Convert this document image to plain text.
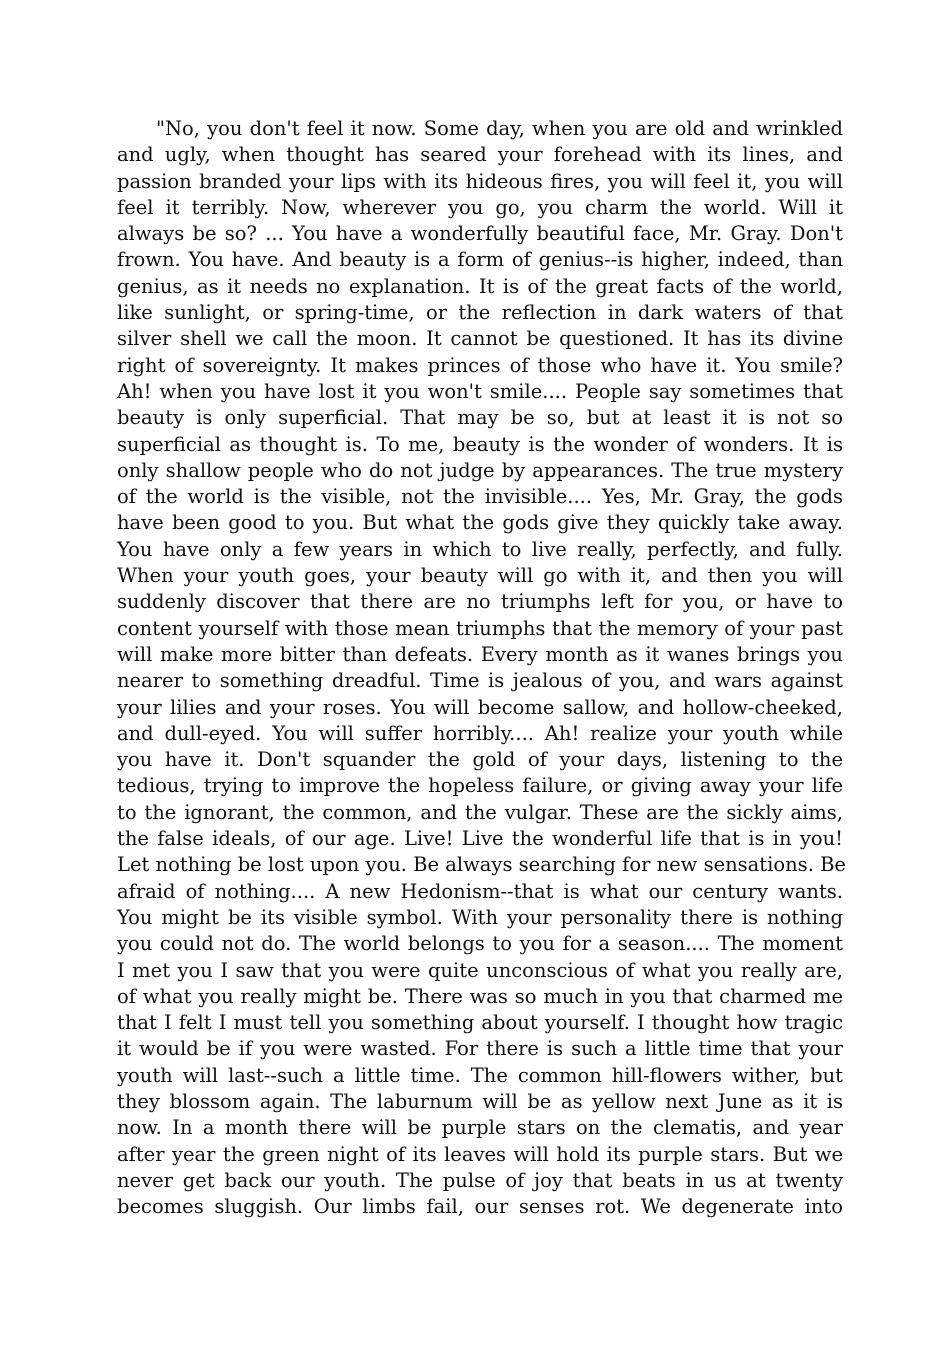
"No, you don't feel it now. Some day, when you are old and wrinkled
and ugly, when thought has seared your forehead with its lines, and
passion branded your lips with its hideous fires, you will feel it, you will
feel it terribly. Now, wherever you go, you charm the world. Will it
always be so? ... You have a wonderfully beautiful face, Mr. Gray. Don't
frown. You have. And beauty is a form of genius--is higher, indeed, than
genius, as it needs no explanation. It is of the great facts of the world,
like sunlight, or spring-time, or the reflection in dark waters of that
silver shell we call the moon. It cannot be questioned. It has its divine
right of sovereignty. It makes princes of those who have it. You smile?
Ah! when you have lost it you won't smile.... People say sometimes that
beauty is only superficial. That may be so, but at least it is not so
superficial as thought is. To me, beauty is the wonder of wonders. It is
only shallow people who do not judge by appearances. The true mystery
of the world is the visible, not the invisible.... Yes, Mr. Gray, the gods
have been good to you. But what the gods give they quickly take away.
You have only a few years in which to live really, perfectly, and fully.
When your youth goes, your beauty will go with it, and then you will
suddenly discover that there are no triumphs left for you, or have to
content yourself with those mean triumphs that the memory of your past
will make more bitter than defeats. Every month as it wanes brings you
nearer to something dreadful. Time is jealous of you, and wars against
your lilies and your roses. You will become sallow, and hollow-cheeked,
and dull-eyed. You will suffer horribly.... Ah! realize your youth while
you have it. Don't squander the gold of your days, listening to the
tedious, trying to improve the hopeless failure, or giving away your life
to the ignorant, the common, and the vulgar. These are the sickly aims,
the false ideals, of our age. Live! Live the wonderful life that is in you!
Let nothing be lost upon you. Be always searching for new sensations. Be
afraid of nothing.... A new Hedonism--that is what our century wants.
You might be its visible symbol. With your personality there is nothing
you could not do. The world belongs to you for a season.... The moment
I met you I saw that you were quite unconscious of what you really are,
of what you really might be. There was so much in you that charmed me
that I felt I must tell you something about yourself. I thought how tragic
it would be if you were wasted. For there is such a little time that your
youth will last--such a little time. The common hill-flowers wither, but
they blossom again. The laburnum will be as yellow next June as it is
now. In a month there will be purple stars on the clematis, and year
after year the green night of its leaves will hold its purple stars. But we
never get back our youth. The pulse of joy that beats in us at twenty
becomes sluggish. Our limbs fail, our senses rot. We degenerate into
